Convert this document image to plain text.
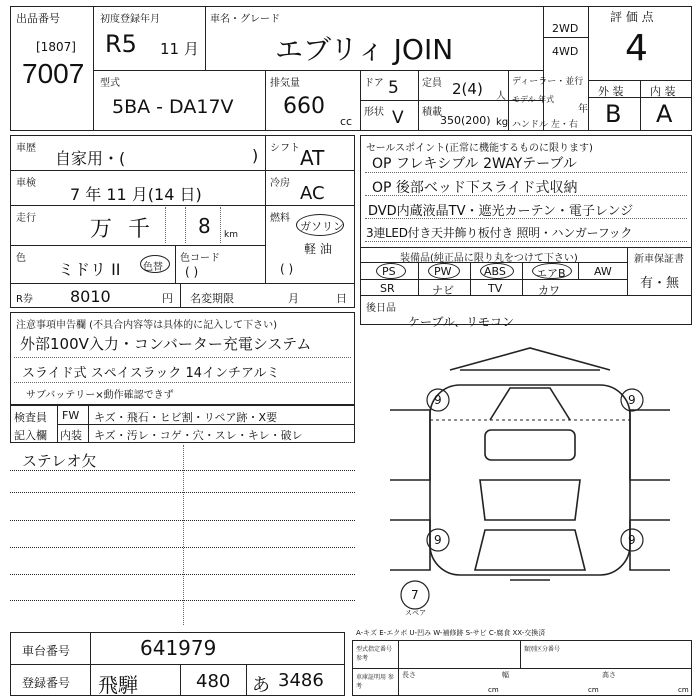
出品番号
[1807]
7007
初度登録年月
R5 11 月
車名・グレード
エブリィ JOIN
2WD
4WD
評 価 点
4
外 装 内 装
B A
型式
5BA - DA17V
排気量
660
cc
ドア 5
形状 V
定員 2(4) 人
積載
350(200) kg
ディーラー・並行
モデル 年式
年
ハンドル 左・右
車歴
自家用・(	) シフト AT
車検
7 年 11 月(14 日)
冷房 AC
走行 万 千 8 km
燃料
ガソリン
軽 油
( )
色
ミドリ II 色替
色コード
( )
R券 8010	円 名変期限	月	日
セールスポイント(正常に機能するものに限ります)
OP フレキシブル 2WAYテーブル
OP 後部ベッド下スライド式収納
DVD内蔵液晶TV・遮光カーテン・電子レンジ
3連LED付き天井飾り板付き 照明・ハンガーフック
装備品(純正品に限り丸をつけて下さい)	新車保証書
有・無
PS	PW	ABS	エアB	AW
SR	ナビ	TV	カワ
後日品
ケーブル、リモコン
注意事項申告欄 (不具合内容等は具体的に記入して下さい)
外部100V入力・コンバーター充電システム
スライド式 スペイスラック 14インチアルミ
サブバッテリー×動作確認できず
検査員
記入欄
FW キズ・飛石・ヒビ割・リペア跡・X要
内装 キズ・汚レ・コゲ・穴・スレ・キレ・破レ
ステレオ欠
9	9
9	9
7
スペア
A-キズ E-エクボ U-凹み W-補修跡 S-サビ C-腐食 XX-交換済
型式指定番号 参考
類別区分番号
車庫証明用 参考
長さ
cm
幅
cm
高さ
cm
車台番号	641979
登録番号 飛騨	480 あ 3486
